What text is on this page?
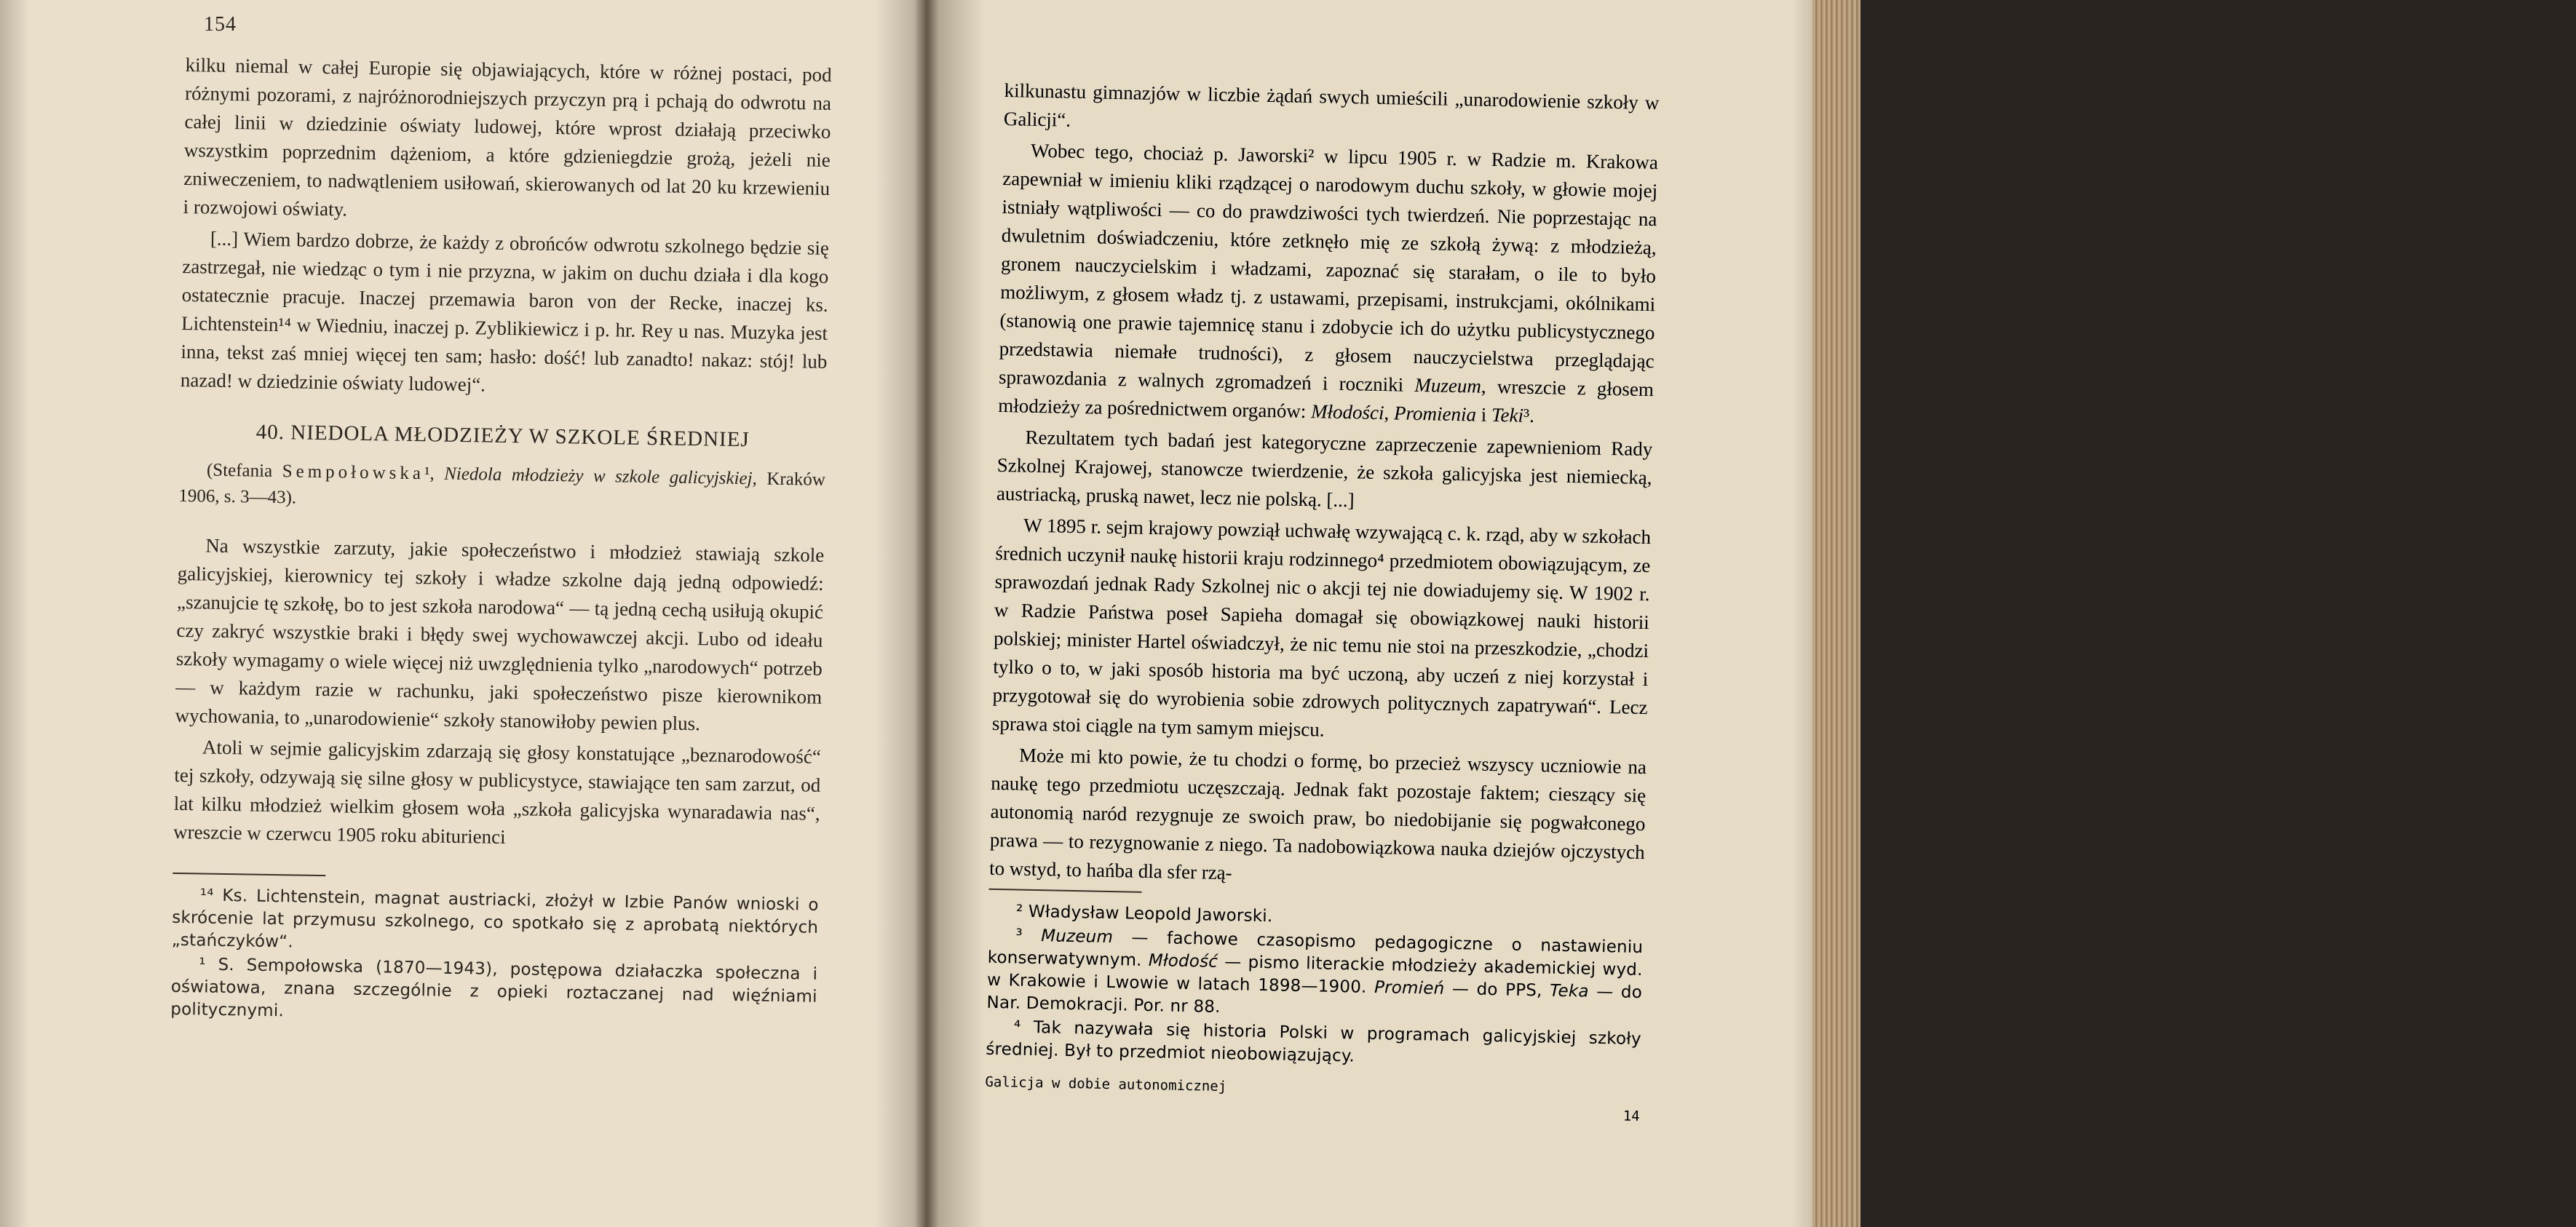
154

kilku niemal w całej Europie się objawiających, które w różnej postaci, pod różnymi pozorami, z najróżnorodniejszych przyczyn prą i pchają do odwrotu na całej linii w dziedzinie oświaty ludowej, które wprost działają przeciwko wszystkim poprzednim dążeniom, a które gdzieniegdzie grożą, jeżeli nie zniweczeniem, to nadwątleniem usiłowań, skierowanych od lat 20 ku krzewieniu i rozwojowi oświaty.

[...] Wiem bardzo dobrze, że każdy z obrońców odwrotu szkolnego będzie się zastrzegał, nie wiedząc o tym i nie przyzna, w jakim on duchu działa i dla kogo ostatecznie pracuje. Inaczej przemawia baron von der Recke, inaczej ks. Lichtenstein¹⁴ w Wiedniu, inaczej p. Zyblikiewicz i p. hr. Rey u nas. Muzyka jest inna, tekst zaś mniej więcej ten sam; hasło: dość! lub zanadto! nakaz: stój! lub nazad! w dziedzinie oświaty ludowej“.

40. NIEDOLA MŁODZIEŻY W SZKOLE ŚREDNIEJ

(Stefania Sempołowska¹, Niedola młodzieży w szkole galicyjskiej, Kraków 1906, s. 3—43).

Na wszystkie zarzuty, jakie społeczeństwo i młodzież stawiają szkole galicyjskiej, kierownicy tej szkoły i władze szkolne dają jedną odpowiedź: „szanujcie tę szkołę, bo to jest szkoła narodowa“ — tą jedną cechą usiłują okupić czy zakryć wszystkie braki i błędy swej wychowawczej akcji. Lubo od ideału szkoły wymagamy o wiele więcej niż uwzględnienia tylko „narodowych“ potrzeb — w każdym razie w rachunku, jaki społeczeństwo pisze kierownikom wychowania, to „unarodowienie“ szkoły stanowiłoby pewien plus.

Atoli w sejmie galicyjskim zdarzają się głosy konstatujące „beznarodowość“ tej szkoły, odzywają się silne głosy w publicystyce, stawiające ten sam zarzut, od lat kilku młodzież wielkim głosem woła „szkoła galicyjska wynaradawia nas“, wreszcie w czerwcu 1905 roku abiturienci

¹⁴ Ks. Lichtenstein, magnat austriacki, złożył w Izbie Panów wnioski o skrócenie lat przymusu szkolnego, co spotkało się z aprobatą niektórych „stańczyków“.

¹ S. Sempołowska (1870—1943), postępowa działaczka społeczna i oświatowa, znana szczególnie z opieki roztaczanej nad więźniami politycznymi.

155

kilkunastu gimnazjów w liczbie żądań swych umieścili „unarodowienie szkoły w Galicji“.

Wobec tego, chociaż p. Jaworski² w lipcu 1905 r. w Radzie m. Krakowa zapewniał w imieniu kliki rządzącej o narodowym duchu szkoły, w głowie mojej istniały wątpliwości — co do prawdziwości tych twierdzeń. Nie poprzestając na dwuletnim doświadczeniu, które zetknęło mię ze szkołą żywą: z młodzieżą, gronem nauczycielskim i władzami, zapoznać się starałam, o ile to było możliwym, z głosem władz tj. z ustawami, przepisami, instrukcjami, okólnikami (stanowią one prawie tajemnicę stanu i zdobycie ich do użytku publicystycznego przedstawia niemałe trudności), z głosem nauczycielstwa przeglądając sprawozdania z walnych zgromadzeń i roczniki Muzeum, wreszcie z głosem młodzieży za pośrednictwem organów: Młodości, Promienia i Teki³.

Rezultatem tych badań jest kategoryczne zaprzeczenie zapewnieniom Rady Szkolnej Krajowej, stanowcze twierdzenie, że szkoła galicyjska jest niemiecką, austriacką, pruską nawet, lecz nie polską. [...]

W 1895 r. sejm krajowy powziął uchwałę wzywającą c. k. rząd, aby w szkołach średnich uczynił naukę historii kraju rodzinnego⁴ przedmiotem obowiązującym, ze sprawozdań jednak Rady Szkolnej nic o akcji tej nie dowiadujemy się. W 1902 r. w Radzie Państwa poseł Sapieha domagał się obowiązkowej nauki historii polskiej; minister Hartel oświadczył, że nic temu nie stoi na przeszkodzie, „chodzi tylko o to, w jaki sposób historia ma być uczoną, aby uczeń z niej korzystał i przygotował się do wyrobienia sobie zdrowych politycznych zapatrywań“. Lecz sprawa stoi ciągle na tym samym miejscu.

Może mi kto powie, że tu chodzi o formę, bo przecież wszyscy uczniowie na naukę tego przedmiotu uczęszczają. Jednak fakt pozostaje faktem; cieszący się autonomią naród rezygnuje ze swoich praw, bo niedobijanie się pogwałconego prawa — to rezygnowanie z niego. Ta nadobowiązkowa nauka dziejów ojczystych to wstyd, to hańba dla sfer rzą-

² Władysław Leopold Jaworski.

³ Muzeum — fachowe czasopismo pedagogiczne o nastawieniu konserwatywnym. Młodość — pismo literackie młodzieży akademickiej wyd. w Krakowie i Lwowie w latach 1898—1900. Promień — do PPS, Teka — do Nar. Demokracji. Por. nr 88.

⁴ Tak nazywała się historia Polski w programach galicyjskiej szkoły średniej. Był to przedmiot nieobowiązujący.

Galicja w dobie autonomicznej
14
